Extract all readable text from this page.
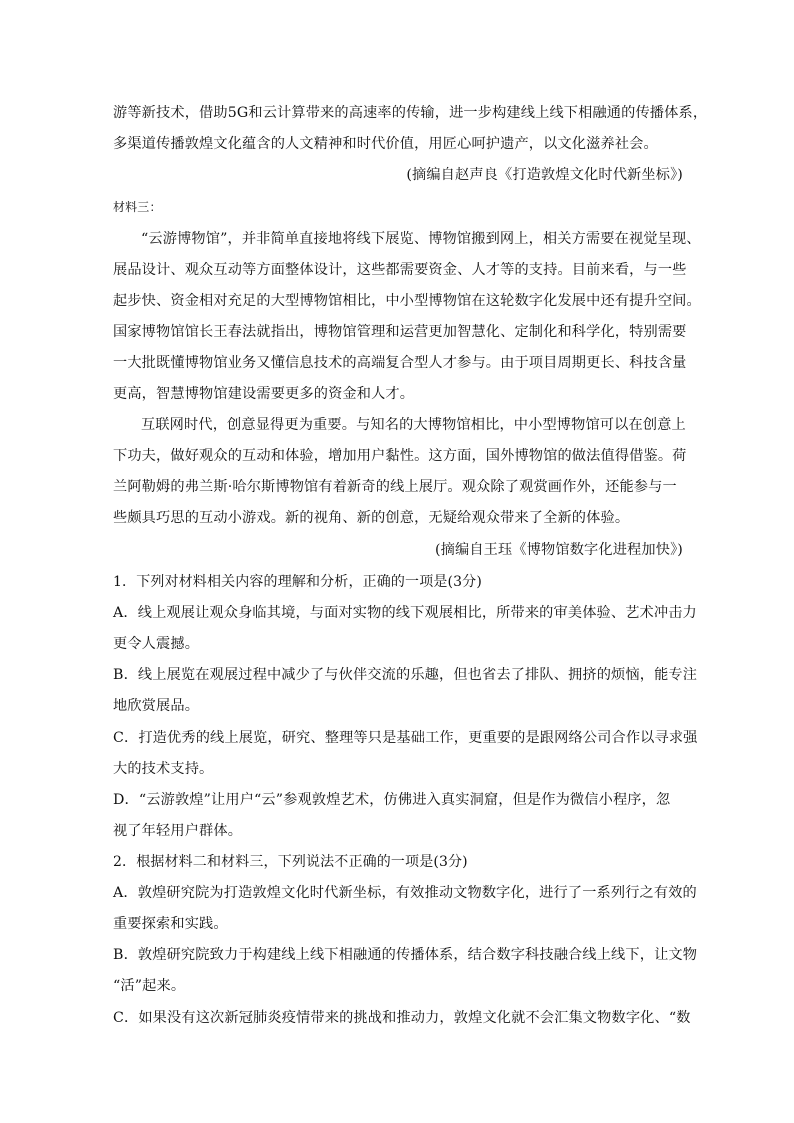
游等新技术，借助5G和云计算带来的高速率的传输，进一步构建线上线下相融通的传播体系，
多渠道传播敦煌文化蕴含的人文精神和时代价值，用匠心呵护遗产，以文化滋养社会。
(摘编自赵声良《打造敦煌文化时代新坐标》)
材料三：
“云游博物馆”，并非简单直接地将线下展览、博物馆搬到网上，相关方需要在视觉呈现、
展品设计、观众互动等方面整体设计，这些都需要资金、人才等的支持。目前来看，与一些
起步快、资金相对充足的大型博物馆相比，中小型博物馆在这轮数字化发展中还有提升空间。
国家博物馆馆长王春法就指出，博物馆管理和运营更加智慧化、定制化和科学化，特别需要
一大批既懂博物馆业务又懂信息技术的高端复合型人才参与。由于项目周期更长、科技含量
更高，智慧博物馆建设需要更多的资金和人才。
互联网时代，创意显得更为重要。与知名的大博物馆相比，中小型博物馆可以在创意上
下功夫，做好观众的互动和体验，增加用户黏性。这方面，国外博物馆的做法值得借鉴。荷
兰阿勒姆的弗兰斯·哈尔斯博物馆有着新奇的线上展厅。观众除了观赏画作外，还能参与一
些颇具巧思的互动小游戏。新的视角、新的创意，无疑给观众带来了全新的体验。
(摘编自王珏《博物馆数字化进程加快》)
1．下列对材料相关内容的理解和分析，正确的一项是(3分)
A．线上观展让观众身临其境，与面对实物的线下观展相比，所带来的审美体验、艺术冲击力
更令人震撼。
B．线上展览在观展过程中减少了与伙伴交流的乐趣，但也省去了排队、拥挤的烦恼，能专注
地欣赏展品。
C．打造优秀的线上展览，研究、整理等只是基础工作，更重要的是跟网络公司合作以寻求强
大的技术支持。
D．“云游敦煌”让用户“云”参观敦煌艺术，仿佛进入真实洞窟，但是作为微信小程序，忽
视了年轻用户群体。
2．根据材料二和材料三，下列说法不正确的一项是(3分)
A．敦煌研究院为打造敦煌文化时代新坐标，有效推动文物数字化，进行了一系列行之有效的
重要探索和实践。
B．敦煌研究院致力于构建线上线下相融通的传播体系，结合数字科技融合线上线下，让文物
“活”起来。
C．如果没有这次新冠肺炎疫情带来的挑战和推动力，敦煌文化就不会汇集文物数字化、“数
